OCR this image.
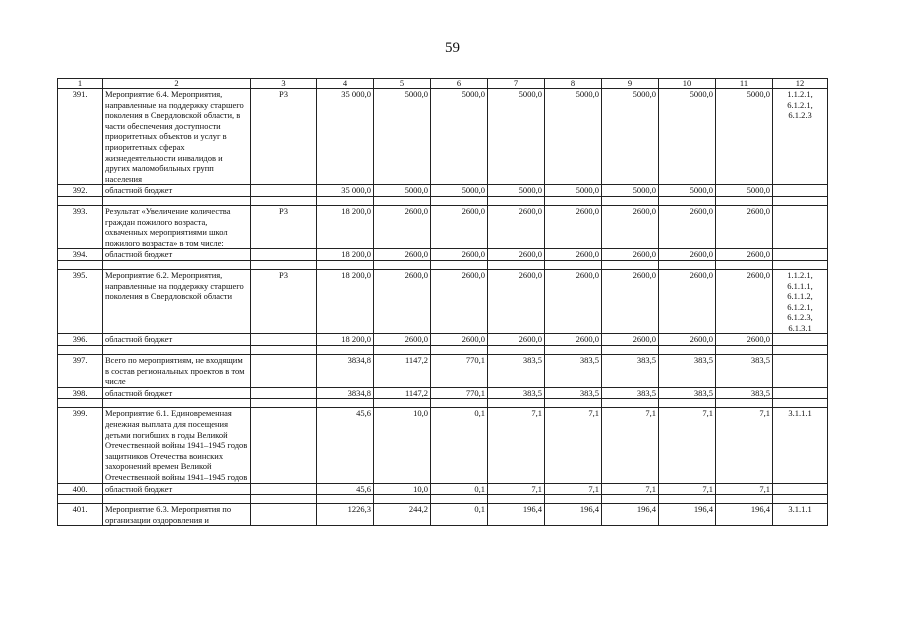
59
1	2	3	4	5	6	7	8	9	10	11	12
391.	Мероприятие 6.4. Мероприятия, направленные на поддержку старшего поколения в Свердловской области, в части обеспечения доступности приоритетных объектов и услуг в приоритетных сферах жизнедеятельности инвалидов и других маломобильных групп населения	Р3	35 000,0	5000,0	5000,0	5000,0	5000,0	5000,0	5000,0	5000,0	1.1.2.1, 6.1.2.1, 6.1.2.3
392.	областной бюджет		35 000,0	5000,0	5000,0	5000,0	5000,0	5000,0	5000,0	5000,0	

393.	Результат «Увеличение количества граждан пожилого возраста, охваченных мероприятиями школ пожилого возраста» в том числе:	Р3	18 200,0	2600,0	2600,0	2600,0	2600,0	2600,0	2600,0	2600,0	
394.	областной бюджет		18 200,0	2600,0	2600,0	2600,0	2600,0	2600,0	2600,0	2600,0	

395.	Мероприятие 6.2. Мероприятия, направленные на поддержку старшего поколения в Свердловской области	Р3	18 200,0	2600,0	2600,0	2600,0	2600,0	2600,0	2600,0	2600,0	1.1.2.1, 6.1.1.1, 6.1.1.2, 6.1.2.1, 6.1.2.3, 6.1.3.1
396.	областной бюджет		18 200,0	2600,0	2600,0	2600,0	2600,0	2600,0	2600,0	2600,0	

397.	Всего по мероприятиям, не входящим в состав региональных проектов в том числе		3834,8	1147,2	770,1	383,5	383,5	383,5	383,5	383,5	
398.	областной бюджет		3834,8	1147,2	770,1	383,5	383,5	383,5	383,5	383,5	

399.	Мероприятие 6.1. Единовременная денежная выплата для посещения детьми погибших в годы Великой Отечественной войны 1941–1945 годов защитников Отечества воинских захоронений времен Великой Отечественной войны 1941–1945 годов		45,6	10,0	0,1	7,1	7,1	7,1	7,1	7,1	3.1.1.1
400.	областной бюджет		45,6	10,0	0,1	7,1	7,1	7,1	7,1	7,1	

401.	Мероприятие 6.3. Мероприятия по организации оздоровления и		1226,3	244,2	0,1	196,4	196,4	196,4	196,4	196,4	3.1.1.1
